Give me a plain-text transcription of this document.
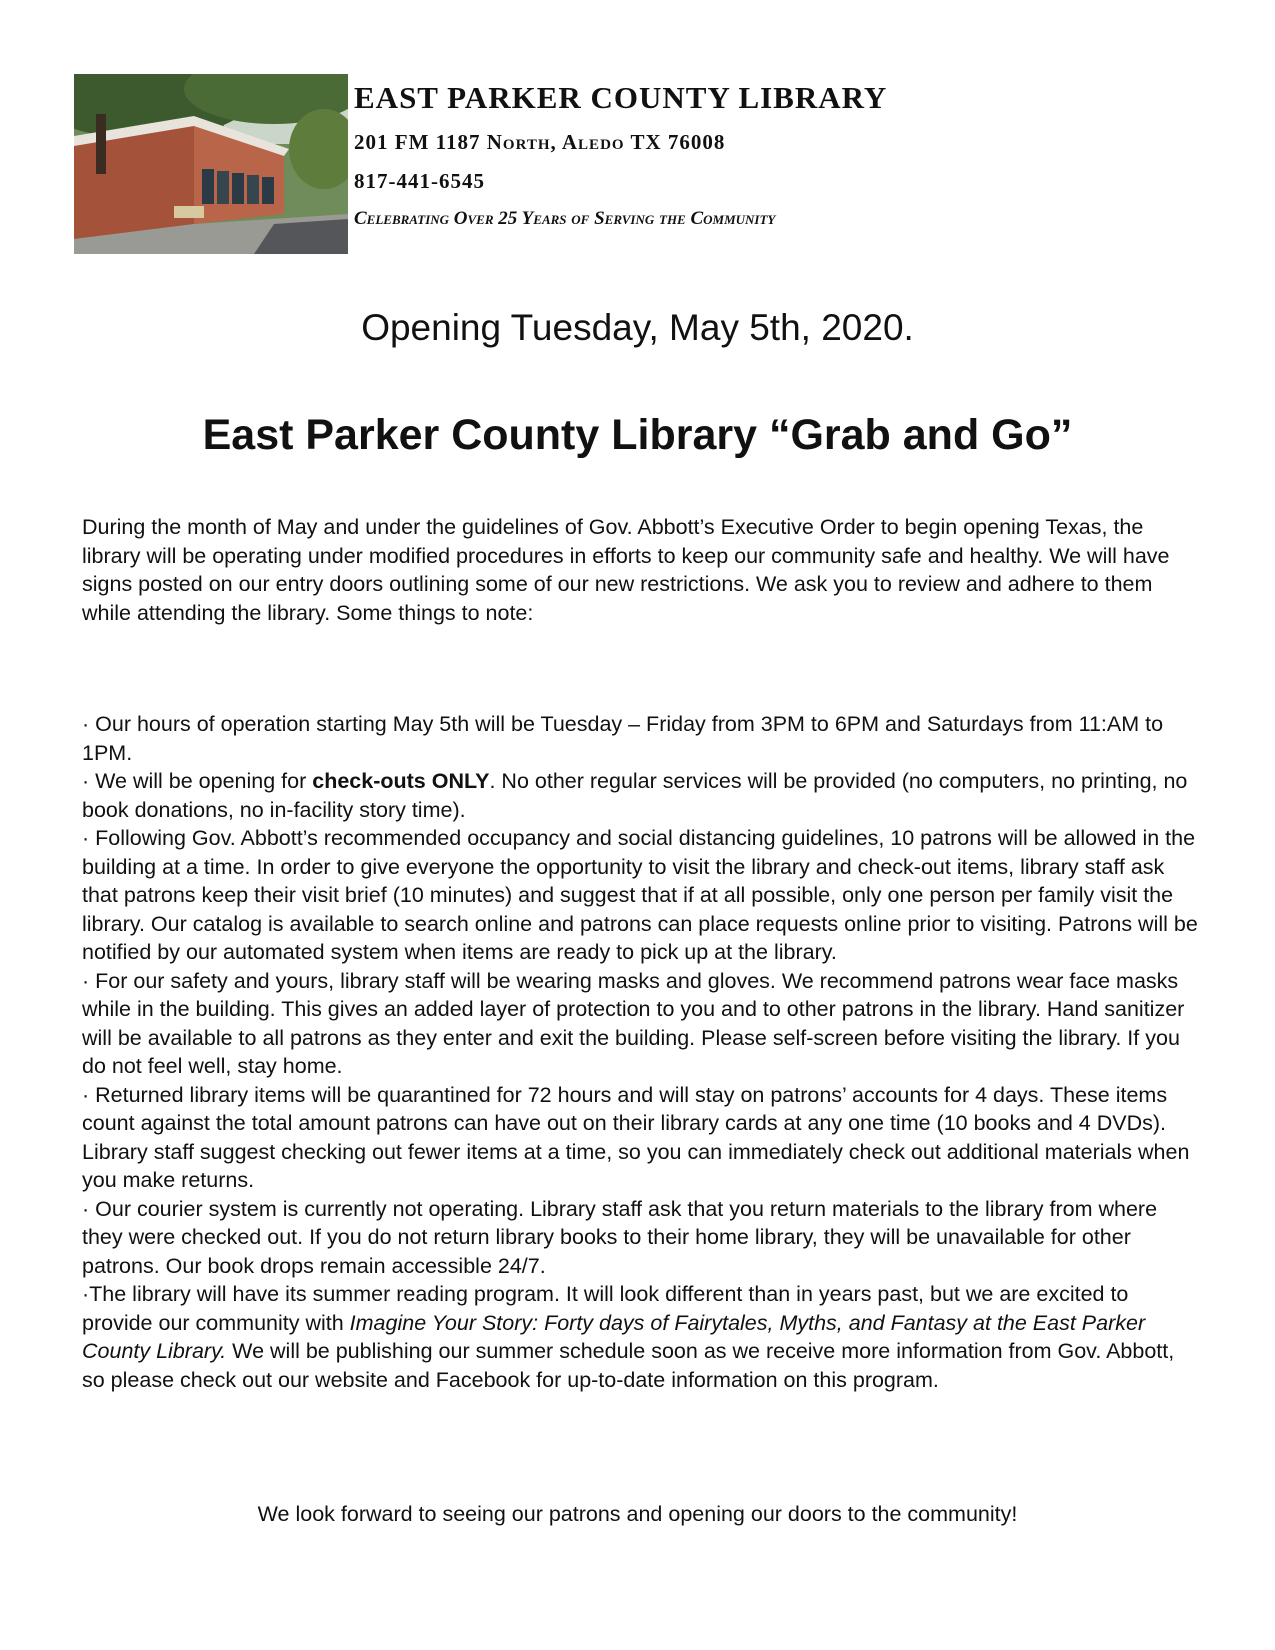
EAST PARKER COUNTY LIBRARY
201 FM 1187 North, Aledo TX 76008
817-441-6545
Celebrating Over 25 Years of Serving the Community
Opening Tuesday, May 5th, 2020.
East Parker County Library “Grab and Go”

During the month of May and under the guidelines of Gov. Abbott’s Executive Order to begin opening Texas, the library will be operating under modified procedures in efforts to keep our community safe and healthy. We will have signs posted on our entry doors outlining some of our new restrictions. We ask you to review and adhere to them while attending the library. Some things to note:

· Our hours of operation starting May 5th will be Tuesday – Friday from 3PM to 6PM and Saturdays from 11:AM to 1PM.

· We will be opening for check-outs ONLY. No other regular services will be provided (no computers, no printing, no book donations, no in-facility story time).

· Following Gov. Abbott’s recommended occupancy and social distancing guidelines, 10 patrons will be allowed in the building at a time. In order to give everyone the opportunity to visit the library and check-out items, library staff ask that patrons keep their visit brief (10 minutes) and suggest that if at all possible, only one person per family visit the library. Our catalog is available to search online and patrons can place requests online prior to visiting. Patrons will be notified by our automated system when items are ready to pick up at the library.

· For our safety and yours, library staff will be wearing masks and gloves. We recommend patrons wear face masks while in the building. This gives an added layer of protection to you and to other patrons in the library. Hand sanitizer will be available to all patrons as they enter and exit the building. Please self-screen before visiting the library. If you do not feel well, stay home.

· Returned library items will be quarantined for 72 hours and will stay on patrons’ accounts for 4 days. These items count against the total amount patrons can have out on their library cards at any one time (10 books and 4 DVDs). Library staff suggest checking out fewer items at a time, so you can immediately check out additional materials when you make returns.

· Our courier system is currently not operating. Library staff ask that you return materials to the library from where they were checked out. If you do not return library books to their home library, they will be unavailable for other patrons. Our book drops remain accessible 24/7.

·The library will have its summer reading program. It will look different than in years past, but we are excited to provide our community with Imagine Your Story: Forty days of Fairytales, Myths, and Fantasy at the East Parker County Library. We will be publishing our summer schedule soon as we receive more information from Gov. Abbott, so please check out our website and Facebook for up-to-date information on this program.

We look forward to seeing our patrons and opening our doors to the community!
